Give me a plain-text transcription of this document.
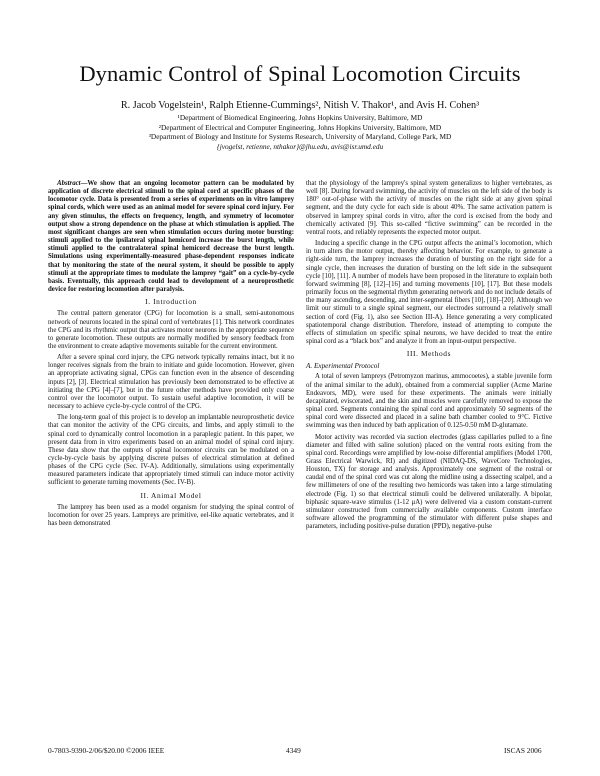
Dynamic Control of Spinal Locomotion Circuits
R. Jacob Vogelstein¹, Ralph Etienne-Cummings², Nitish V. Thakor¹, and Avis H. Cohen³
¹Department of Biomedical Engineering, Johns Hopkins University, Baltimore, MD
²Department of Electrical and Computer Engineering, Johns Hopkins University, Baltimore, MD
³Department of Biology and Institute for Systems Research, University of Maryland, College Park, MD
{jvogelst, retienne, nthakor}@jhu.edu, avis@isr.umd.edu

Abstract—We show that an ongoing locomotor pattern can be modulated by application of discrete electrical stimuli to the spinal cord at specific phases of the locomotor cycle. Data is presented from a series of experiments on in vitro lamprey spinal cords, which were used as an animal model for severe spinal cord injury. For any given stimulus, the effects on frequency, length, and symmetry of locomotor output show a strong dependence on the phase at which stimulation is applied. The most significant changes are seen when stimulation occurs during motor bursting: stimuli applied to the ipsilateral spinal hemicord increase the burst length, while stimuli applied to the contralateral spinal hemicord decrease the burst length. Simulations using experimentally-measured phase-dependent responses indicate that by monitoring the state of the neural system, it should be possible to apply stimuli at the appropriate times to modulate the lamprey “gait” on a cycle-by-cycle basis. Eventually, this approach could lead to development of a neuroprosthetic device for restoring locomotion after paralysis.

I. Introduction

The central pattern generator (CPG) for locomotion is a small, semi-autonomous network of neurons located in the spinal cord of vertebrates [1]. This network coordinates the CPG and its rhythmic output that activates motor neurons in the appropriate sequence to generate locomotion. These outputs are normally modified by sensory feedback from the environment to create adaptive movements suitable for the current environment.

After a severe spinal cord injury, the CPG network typically remains intact, but it no longer receives signals from the brain to initiate and guide locomotion. However, given an appropriate activating signal, CPGs can function even in the absence of descending inputs [2], [3]. Electrical stimulation has previously been demonstrated to be effective at initiating the CPG [4]–[7], but in the future other methods have provided only coarse control over the locomotor output. To sustain useful adaptive locomotion, it will be necessary to achieve cycle-by-cycle control of the CPG.

The long-term goal of this project is to develop an implantable neuroprosthetic device that can monitor the activity of the CPG circuits, and limbs, and apply stimuli to the spinal cord to dynamically control locomotion in a paraplegic patient. In this paper, we present data from in vitro experiments based on an animal model of spinal cord injury. These data show that the outputs of spinal locomotor circuits can be modulated on a cycle-by-cycle basis by applying discrete pulses of electrical stimulation at defined phases of the CPG cycle (Sec. IV-A). Additionally, simulations using experimentally measured parameters indicate that appropriately timed stimuli can induce motor activity sufficient to generate turning movements (Sec. IV-B).

II. Animal Model

The lamprey has been used as a model organism for studying the spinal control of locomotion for over 25 years. Lampreys are primitive, eel-like aquatic vertebrates, and it has been demonstrated

that the physiology of the lamprey's spinal system generalizes to higher vertebrates, as well [8]. During forward swimming, the activity of muscles on the left side of the body is 180° out-of-phase with the activity of muscles on the right side at any given spinal segment, and the duty cycle for each side is about 40%. The same activation pattern is observed in lamprey spinal cords in vitro, after the cord is excised from the body and chemically activated [9]. This so-called “fictive swimming” can be recorded in the ventral roots, and reliably represents the expected motor output.

Inducing a specific change in the CPG output affects the animal’s locomotion, which in turn alters the motor output, thereby affecting behavior. For example, to generate a right-side turn, the lamprey increases the duration of bursting on the right side for a single cycle, then increases the duration of bursting on the left side in the subsequent cycle [10], [11]. A number of models have been proposed in the literature to explain both forward swimming [8], [12]–[16] and turning movements [10], [17]. But these models primarily focus on the segmental rhythm generating network and do not include details of the many ascending, descending, and inter-segmental fibers [10], [18]–[20]. Although we limit our stimuli to a single spinal segment, our electrodes surround a relatively small section of cord (Fig. 1), also see Section III-A). Hence generating a very complicated spatiotemporal change distribution. Therefore, instead of attempting to compute the effects of stimulation on specific spinal neurons, we have decided to treat the entire spinal cord as a “black box” and analyze it from an input-output perspective.

III. Methods
A. Experimental Protocol

A total of seven lampreys (Petromyzon marinus, ammocoetes), a stable juvenile form of the animal similar to the adult), obtained from a commercial supplier (Acme Marine Endeavors, MD), were used for these experiments. The animals were initially decapitated, eviscerated, and the skin and muscles were carefully removed to expose the spinal cord. Segments containing the spinal cord and approximately 50 segments of the spinal cord were dissected and placed in a saline bath chamber cooled to 9°C. Fictive swimming was then induced by bath application of 0.125-0.50 mM D-glutamate.

Motor activity was recorded via suction electrodes (glass capillaries pulled to a fine diameter and filled with saline solution) placed on the ventral roots exiting from the spinal cord. Recordings were amplified by low-noise differential amplifiers (Model 1700, Grass Electrical Warwick, RI) and digitized (NIDAQ-DS, WaveCore Technologies, Houston, TX) for storage and analysis. Approximately one segment of the rostral or caudal end of the spinal cord was cut along the midline using a dissecting scalpel, and a few millimeters of one of the resulting two hemicords was taken into a large stimulating electrode (Fig. 1) so that electrical stimuli could be delivered unilaterally. A bipolar, biphasic square-wave stimulus (1-12 μA) were delivered via a custom constant-current stimulator constructed from commercially available components. Custom interface software allowed the programming of the stimulator with different pulse shapes and parameters, including positive-pulse duration (PPD), negative-pulse

0-7803-9390-2/06/$20.00 ©2006 IEEE	4349	ISCAS 2006
